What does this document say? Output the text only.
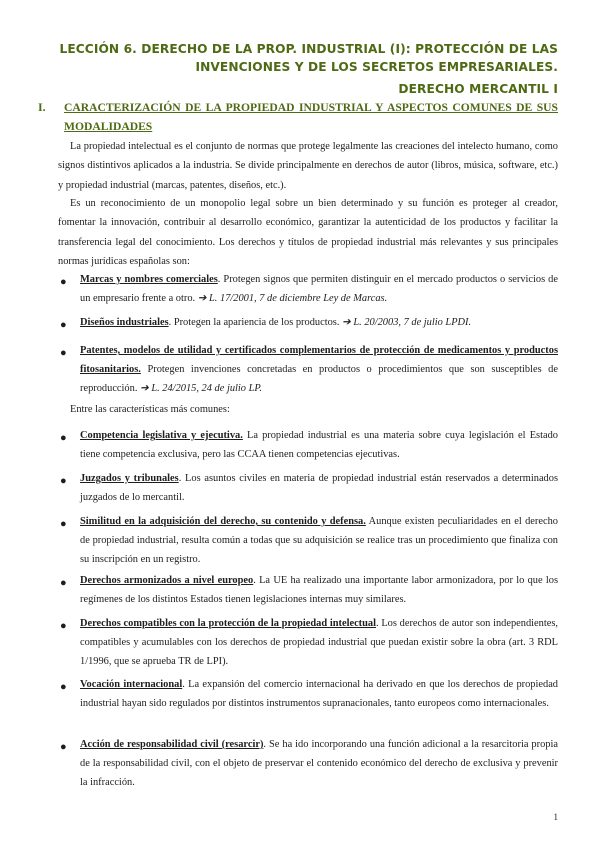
LECCIÓN 6. DERECHO DE LA PROP. INDUSTRIAL (I): PROTECCIÓN DE LAS INVENCIONES Y DE LOS SECRETOS EMPRESARIALES.
DERECHO MERCANTIL I
I. CARACTERIZACIÓN DE LA PROPIEDAD INDUSTRIAL Y ASPECTOS COMUNES DE SUS MODALIDADES
La propiedad intelectual es el conjunto de normas que protege legalmente las creaciones del intelecto humano, como signos distintivos aplicados a la industria. Se divide principalmente en derechos de autor (libros, música, software, etc.) y propiedad industrial (marcas, patentes, diseños, etc.).
Es un reconocimiento de un monopolio legal sobre un bien determinado y su función es proteger al creador, fomentar la innovación, contribuir al desarrollo económico, garantizar la autenticidad de los productos y facilitar la transferencia legal del conocimiento. Los derechos y títulos de propiedad industrial más relevantes y sus principales normas jurídicas españolas son:
● Marcas y nombres comerciales. Protegen signos que permiten distinguir en el mercado productos o servicios de un empresario frente a otro. ➔ L. 17/2001, 7 de diciembre Ley de Marcas.
● Diseños industriales. Protegen la apariencia de los productos. ➔ L. 20/2003, 7 de julio LPDI.
● Patentes, modelos de utilidad y certificados complementarios de protección de medicamentos y productos fitosanitarios. Protegen invenciones concretadas en productos o procedimientos que son susceptibles de reproducción. ➔ L. 24/2015, 24 de julio LP.
Entre las características más comunes:
● Competencia legislativa y ejecutiva. La propiedad industrial es una materia sobre cuya legislación el Estado tiene competencia exclusiva, pero las CCAA tienen competencias ejecutivas.
● Juzgados y tribunales. Los asuntos civiles en materia de propiedad industrial están reservados a determinados juzgados de lo mercantil.
● Similitud en la adquisición del derecho, su contenido y defensa. Aunque existen peculiaridades en el derecho de propiedad industrial, resulta común a todas que su adquisición se realice tras un procedimiento que finaliza con su inscripción en un registro.
● Derechos armonizados a nivel europeo. La UE ha realizado una importante labor armonizadora, por lo que los regímenes de los distintos Estados tienen legislaciones internas muy similares.
● Derechos compatibles con la protección de la propiedad intelectual. Los derechos de autor son independientes, compatibles y acumulables con los derechos de propiedad industrial que puedan existir sobre la obra (art. 3 RDL 1/1996, que se aprueba TR de LPI).
● Vocación internacional. La expansión del comercio internacional ha derivado en que los derechos de propiedad industrial hayan sido regulados por distintos instrumentos supranacionales, tanto europeos como internacionales.
● Acción de responsabilidad civil (resarcir). Se ha ido incorporando una función adicional a la resarcitoria propia de la responsabilidad civil, con el objeto de preservar el contenido económico del derecho de exclusiva y prevenir la infracción.
1
